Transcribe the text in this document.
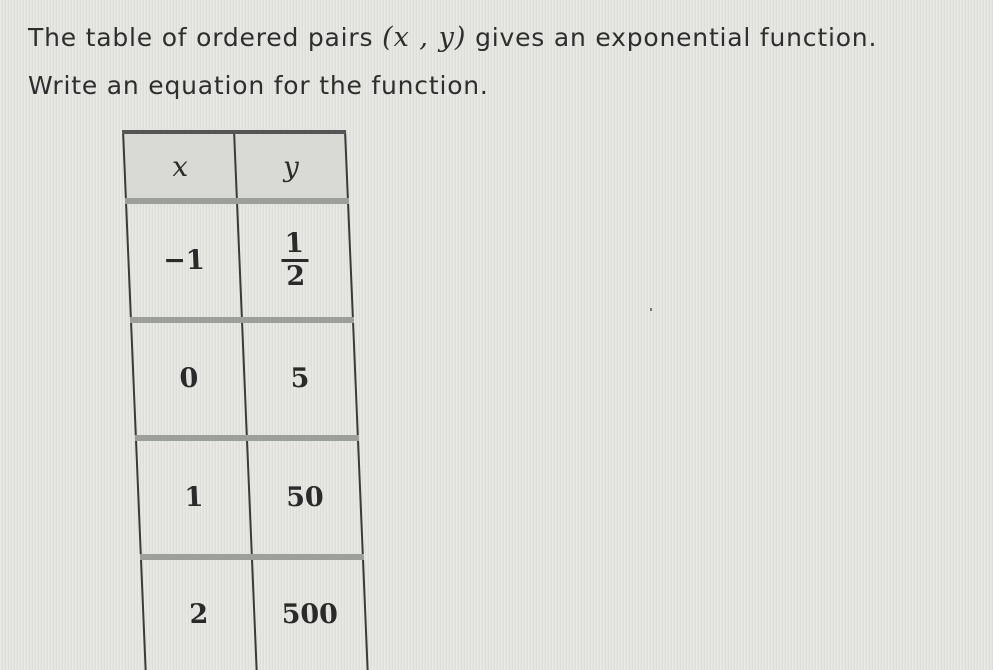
The table of ordered pairs (x , y) gives an exponential function.

Write an equation for the function.

x	y
−1	$\frac{1}{2}$

0	5
1	50
2	500
